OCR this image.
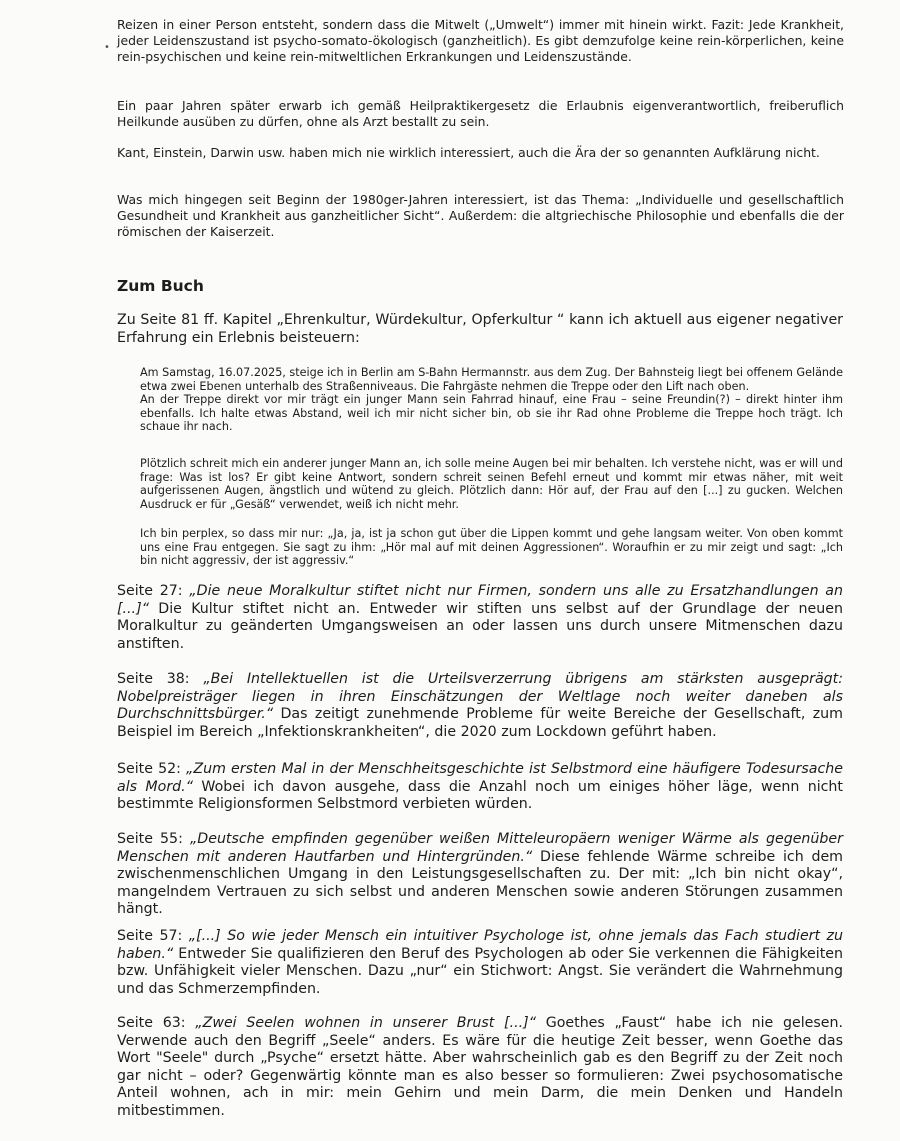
•

Reizen in einer Person entsteht, sondern dass die Mitwelt („Umwelt“) immer mit hinein wirkt. Fazit: Jede Krankheit, jeder Leidenszustand ist psycho-somato-ökologisch (ganzheitlich). Es gibt demzufolge keine rein-körperlichen, keine rein-psychischen und keine rein-mitweltlichen Erkrankungen und Leidenszustände.

Ein paar Jahren später erwarb ich gemäß Heilpraktikergesetz die Erlaubnis eigenverantwortlich, freiberuflich Heilkunde ausüben zu dürfen, ohne als Arzt bestallt zu sein.

Kant, Einstein, Darwin usw. haben mich nie wirklich interessiert, auch die Ära der so genannten Aufklärung nicht.

Was mich hingegen seit Beginn der 1980ger-Jahren interessiert, ist das Thema: „Individuelle und gesellschaftlich Gesundheit und Krankheit aus ganzheitlicher Sicht“. Außerdem: die altgriechische Philosophie und ebenfalls die der römischen der Kaiserzeit.

Zum Buch

Zu Seite 81 ff. Kapitel „Ehrenkultur, Würdekultur, Opferkultur “ kann ich aktuell aus eigener negativer Erfahrung ein Erlebnis beisteuern:

Am Samstag, 16.07.2025, steige ich in Berlin am S-Bahn Hermannstr. aus dem Zug. Der Bahnsteig liegt bei offenem Gelände etwa zwei Ebenen unterhalb des Straßenniveaus. Die Fahrgäste nehmen die Treppe oder den Lift nach oben.
An der Treppe direkt vor mir trägt ein junger Mann sein Fahrrad hinauf, eine Frau – seine Freundin(?) – direkt hinter ihm ebenfalls. Ich halte etwas Abstand, weil ich mir nicht sicher bin, ob sie ihr Rad ohne Probleme die Treppe hoch trägt. Ich schaue ihr nach.
Plötzlich schreit mich ein anderer junger Mann an, ich solle meine Augen bei mir behalten. Ich verstehe nicht, was er will und frage: Was ist los? Er gibt keine Antwort, sondern schreit seinen Befehl erneut und kommt mir etwas näher, mit weit aufgerissenen Augen, ängstlich und wütend zu gleich. Plötzlich dann: Hör auf, der Frau auf den [...] zu gucken. Welchen Ausdruck er für „Gesäß“ verwendet, weiß ich nicht mehr.
Ich bin perplex, so dass mir nur: „Ja, ja, ist ja schon gut über die Lippen kommt und gehe langsam weiter. Von oben kommt uns eine Frau entgegen. Sie sagt zu ihm: „Hör mal auf mit deinen Aggressionen“. Woraufhin er zu mir zeigt und sagt: „Ich bin nicht aggressiv, der ist aggressiv.“

Seite 27: „Die neue Moralkultur stiftet nicht nur Firmen, sondern uns alle zu Ersatzhandlungen an [...]“ Die Kultur stiftet nicht an. Entweder wir stiften uns selbst auf der Grundlage der neuen Moralkultur zu geänderten Umgangsweisen an oder lassen uns durch unsere Mitmenschen dazu anstiften.

Seite 38: „Bei Intellektuellen ist die Urteilsverzerrung übrigens am stärksten ausgeprägt: Nobelpreisträger liegen in ihren Einschätzungen der Weltlage noch weiter daneben als Durchschnittsbürger.“ Das zeitigt zunehmende Probleme für weite Bereiche der Gesellschaft, zum Beispiel im Bereich „Infektionskrankheiten“, die 2020 zum Lockdown geführt haben.

Seite 52: „Zum ersten Mal in der Menschheitsgeschichte ist Selbstmord eine häufigere Todesursache als Mord.“ Wobei ich davon ausgehe, dass die Anzahl noch um einiges höher läge, wenn nicht bestimmte Religionsformen Selbstmord verbieten würden.

Seite 55: „Deutsche empfinden gegenüber weißen Mitteleuropäern weniger Wärme als gegenüber Menschen mit anderen Hautfarben und Hintergründen.“ Diese fehlende Wärme schreibe ich dem zwischenmenschlichen Umgang in den Leistungsgesellschaften zu. Der mit: „Ich bin nicht okay“, mangelndem Vertrauen zu sich selbst und anderen Menschen sowie anderen Störungen zusammen hängt.

Seite 57: „[...] So wie jeder Mensch ein intuitiver Psychologe ist, ohne jemals das Fach studiert zu haben.“ Entweder Sie qualifizieren den Beruf des Psychologen ab oder Sie verkennen die Fähigkeiten bzw. Unfähigkeit vieler Menschen. Dazu „nur“ ein Stichwort: Angst. Sie verändert die Wahrnehmung und das Schmerzempfinden.

Seite 63: „Zwei Seelen wohnen in unserer Brust [...]“ Goethes „Faust“ habe ich nie gelesen. Verwende auch den Begriff „Seele“ anders. Es wäre für die heutige Zeit besser, wenn Goethe das Wort "Seele" durch „Psyche“ ersetzt hätte. Aber wahrscheinlich gab es den Begriff zu der Zeit noch gar nicht – oder? Gegenwärtig könnte man es also besser so formulieren: Zwei psychosomatische Anteil wohnen, ach in mir: mein Gehirn und mein Darm, die mein Denken und Handeln mitbestimmen.
